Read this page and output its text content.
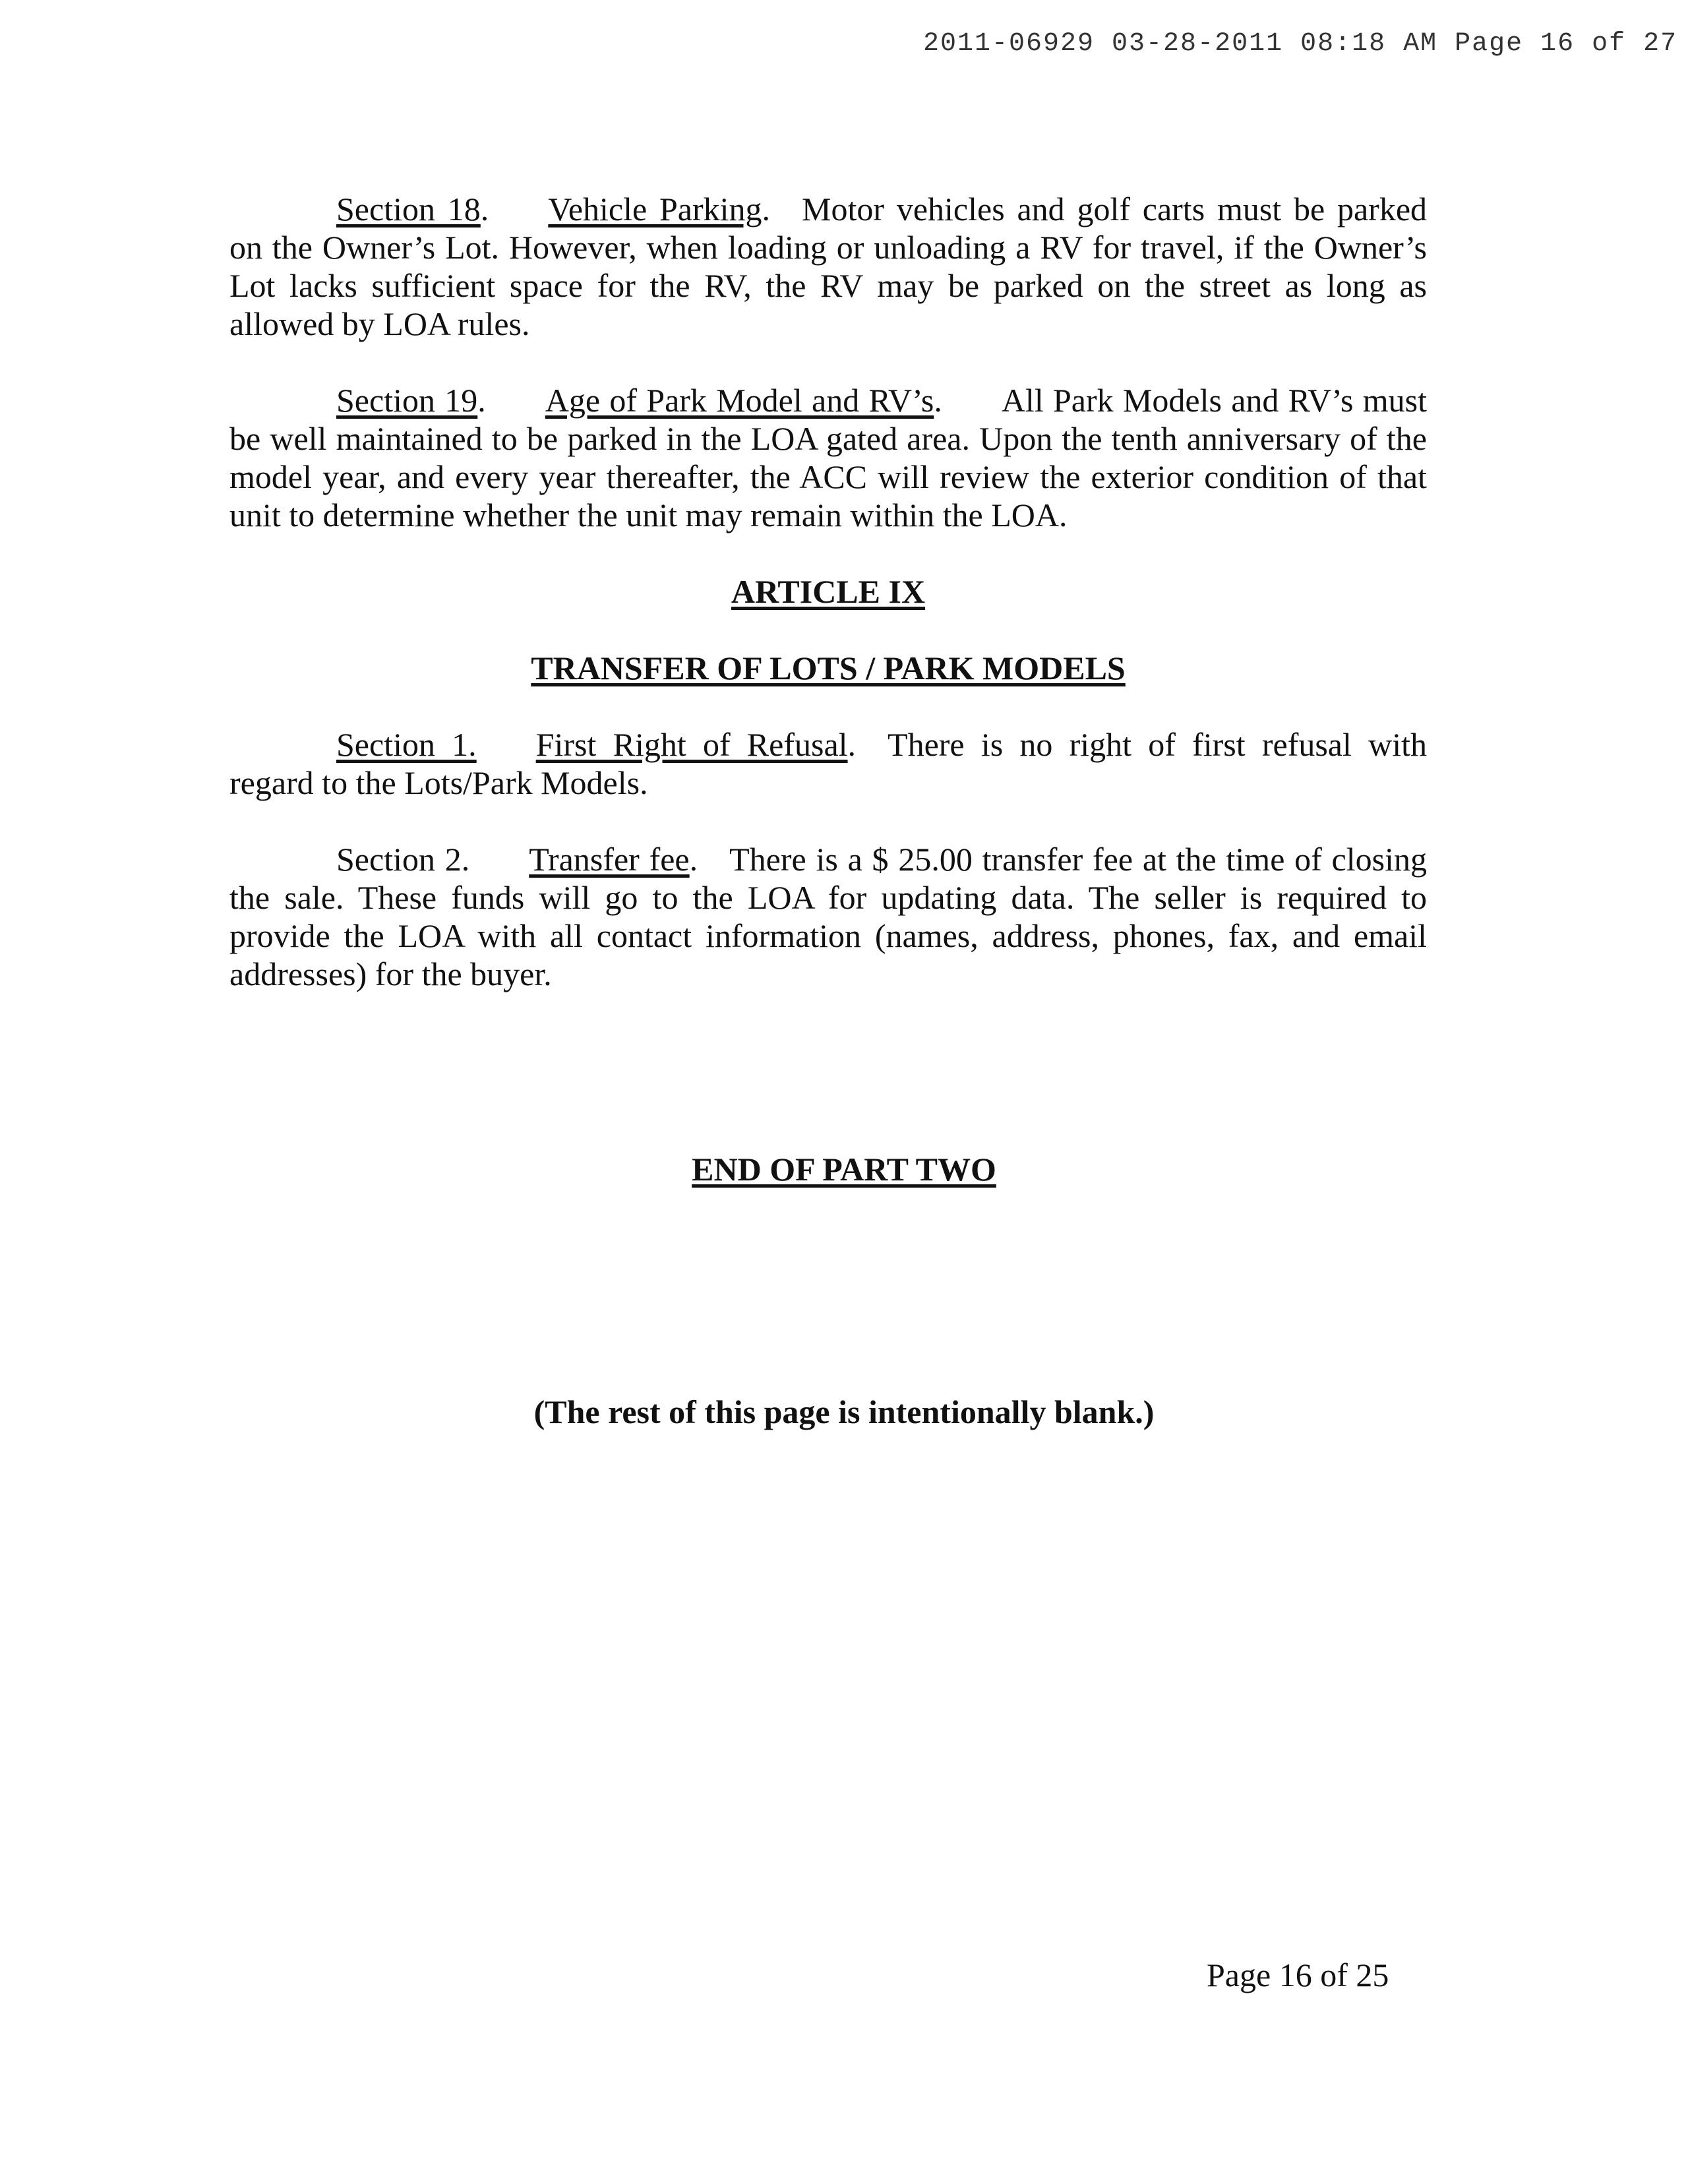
2011-06929 03-28-2011 08:18 AM Page 16 of 27

Section 18. Vehicle Parking. Motor vehicles and golf carts must be parked on the Owner’s Lot. However, when loading or unloading a RV for travel, if the Owner’s Lot lacks sufficient space for the RV, the RV may be parked on the street as long as allowed by LOA rules.

Section 19. Age of Park Model and RV’s. All Park Models and RV’s must be well maintained to be parked in the LOA gated area. Upon the tenth anniversary of the model year, and every year thereafter, the ACC will review the exterior condition of that unit to determine whether the unit may remain within the LOA.

ARTICLE IX
TRANSFER OF LOTS / PARK MODELS

Section 1. First Right of Refusal. There is no right of first refusal with regard to the Lots/Park Models.

Section 2. Transfer fee. There is a $ 25.00 transfer fee at the time of closing the sale. These funds will go to the LOA for updating data. The seller is required to provide the LOA with all contact information (names, address, phones, fax, and email addresses) for the buyer.

END OF PART TWO
(The rest of this page is intentionally blank.)
Page 16 of 25
